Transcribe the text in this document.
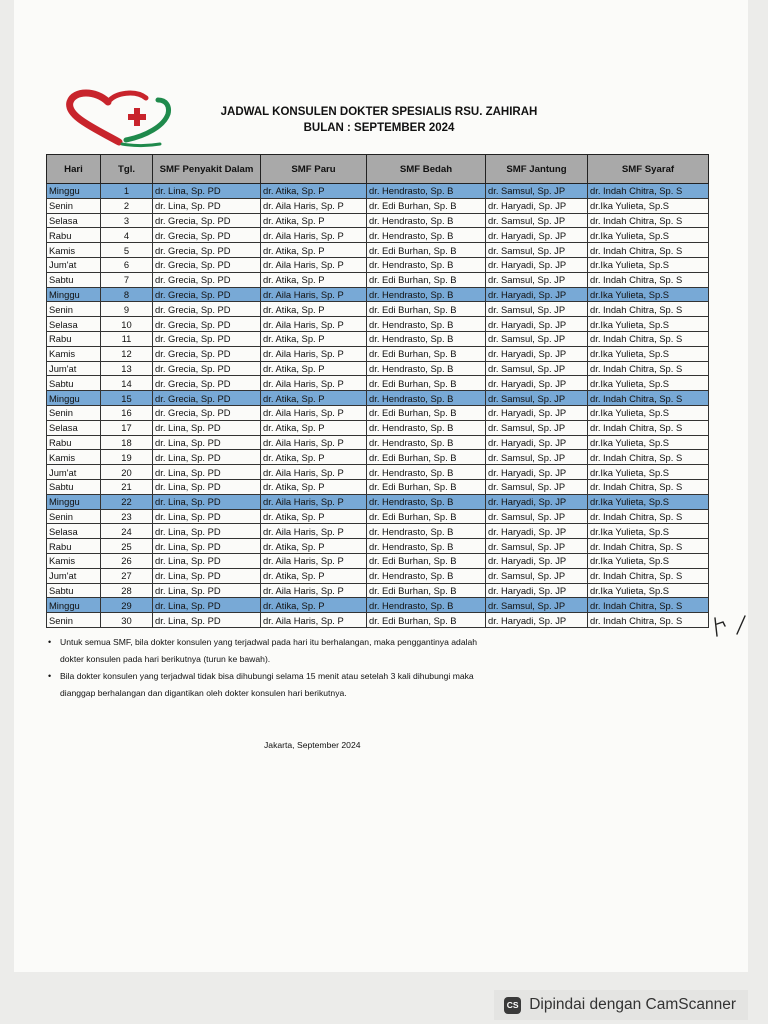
JADWAL KONSULEN DOKTER SPESIALIS RSU. ZAHIRAH
BULAN : SEPTEMBER 2024
Hari	Tgl.	SMF Penyakit Dalam	SMF Paru	SMF Bedah	SMF Jantung	SMF Syaraf
Minggu	1	dr. Lina, Sp. PD	dr. Atika, Sp. P	dr. Hendrasto, Sp. B	dr. Samsul, Sp. JP	dr. Indah Chitra, Sp. S
Senin	2	dr. Lina, Sp. PD	dr. Aila Haris, Sp. P	dr. Edi Burhan, Sp. B	dr. Haryadi, Sp. JP	dr.Ika Yulieta, Sp.S
Selasa	3	dr. Grecia, Sp. PD	dr. Atika, Sp. P	dr. Hendrasto, Sp. B	dr. Samsul, Sp. JP	dr. Indah Chitra, Sp. S
Rabu	4	dr. Grecia, Sp. PD	dr. Aila Haris, Sp. P	dr. Hendrasto, Sp. B	dr. Haryadi, Sp. JP	dr.Ika Yulieta, Sp.S
Kamis	5	dr. Grecia, Sp. PD	dr. Atika, Sp. P	dr. Edi Burhan, Sp. B	dr. Samsul, Sp. JP	dr. Indah Chitra, Sp. S
Jum'at	6	dr. Grecia, Sp. PD	dr. Aila Haris, Sp. P	dr. Hendrasto, Sp. B	dr. Haryadi, Sp. JP	dr.Ika Yulieta, Sp.S
Sabtu	7	dr. Grecia, Sp. PD	dr. Atika, Sp. P	dr. Edi Burhan, Sp. B	dr. Samsul, Sp. JP	dr. Indah Chitra, Sp. S
Minggu	8	dr. Grecia, Sp. PD	dr. Aila Haris, Sp. P	dr. Hendrasto, Sp. B	dr. Haryadi, Sp. JP	dr.Ika Yulieta, Sp.S
Senin	9	dr. Grecia, Sp. PD	dr. Atika, Sp. P	dr. Edi Burhan, Sp. B	dr. Samsul, Sp. JP	dr. Indah Chitra, Sp. S
Selasa	10	dr. Grecia, Sp. PD	dr. Aila Haris, Sp. P	dr. Hendrasto, Sp. B	dr. Haryadi, Sp. JP	dr.Ika Yulieta, Sp.S
Rabu	11	dr. Grecia, Sp. PD	dr. Atika, Sp. P	dr. Hendrasto, Sp. B	dr. Samsul, Sp. JP	dr. Indah Chitra, Sp. S
Kamis	12	dr. Grecia, Sp. PD	dr. Aila Haris, Sp. P	dr. Edi Burhan, Sp. B	dr. Haryadi, Sp. JP	dr.Ika Yulieta, Sp.S
Jum'at	13	dr. Grecia, Sp. PD	dr. Atika, Sp. P	dr. Hendrasto, Sp. B	dr. Samsul, Sp. JP	dr. Indah Chitra, Sp. S
Sabtu	14	dr. Grecia, Sp. PD	dr. Aila Haris, Sp. P	dr. Edi Burhan, Sp. B	dr. Haryadi, Sp. JP	dr.Ika Yulieta, Sp.S
Minggu	15	dr. Grecia, Sp. PD	dr. Atika, Sp. P	dr. Hendrasto, Sp. B	dr. Samsul, Sp. JP	dr. Indah Chitra, Sp. S
Senin	16	dr. Grecia, Sp. PD	dr. Aila Haris, Sp. P	dr. Edi Burhan, Sp. B	dr. Haryadi, Sp. JP	dr.Ika Yulieta, Sp.S
Selasa	17	dr. Lina, Sp. PD	dr. Atika, Sp. P	dr. Hendrasto, Sp. B	dr. Samsul, Sp. JP	dr. Indah Chitra, Sp. S
Rabu	18	dr. Lina, Sp. PD	dr. Aila Haris, Sp. P	dr. Hendrasto, Sp. B	dr. Haryadi, Sp. JP	dr.Ika Yulieta, Sp.S
Kamis	19	dr. Lina, Sp. PD	dr. Atika, Sp. P	dr. Edi Burhan, Sp. B	dr. Samsul, Sp. JP	dr. Indah Chitra, Sp. S
Jum'at	20	dr. Lina, Sp. PD	dr. Aila Haris, Sp. P	dr. Hendrasto, Sp. B	dr. Haryadi, Sp. JP	dr.Ika Yulieta, Sp.S
Sabtu	21	dr. Lina, Sp. PD	dr. Atika, Sp. P	dr. Edi Burhan, Sp. B	dr. Samsul, Sp. JP	dr. Indah Chitra, Sp. S
Minggu	22	dr. Lina, Sp. PD	dr. Aila Haris, Sp. P	dr. Hendrasto, Sp. B	dr. Haryadi, Sp. JP	dr.Ika Yulieta, Sp.S
Senin	23	dr. Lina, Sp. PD	dr. Atika, Sp. P	dr. Edi Burhan, Sp. B	dr. Samsul, Sp. JP	dr. Indah Chitra, Sp. S
Selasa	24	dr. Lina, Sp. PD	dr. Aila Haris, Sp. P	dr. Hendrasto, Sp. B	dr. Haryadi, Sp. JP	dr.Ika Yulieta, Sp.S
Rabu	25	dr. Lina, Sp. PD	dr. Atika, Sp. P	dr. Hendrasto, Sp. B	dr. Samsul, Sp. JP	dr. Indah Chitra, Sp. S
Kamis	26	dr. Lina, Sp. PD	dr. Aila Haris, Sp. P	dr. Edi Burhan, Sp. B	dr. Haryadi, Sp. JP	dr.Ika Yulieta, Sp.S
Jum'at	27	dr. Lina, Sp. PD	dr. Atika, Sp. P	dr. Hendrasto, Sp. B	dr. Samsul, Sp. JP	dr. Indah Chitra, Sp. S
Sabtu	28	dr. Lina, Sp. PD	dr. Aila Haris, Sp. P	dr. Edi Burhan, Sp. B	dr. Haryadi, Sp. JP	dr.Ika Yulieta, Sp.S
Minggu	29	dr. Lina, Sp. PD	dr. Atika, Sp. P	dr. Hendrasto, Sp. B	dr. Samsul, Sp. JP	dr. Indah Chitra, Sp. S
Senin	30	dr. Lina, Sp. PD	dr. Aila Haris, Sp. P	dr. Edi Burhan, Sp. B	dr. Haryadi, Sp. JP	dr. Indah Chitra, Sp. S
• Untuk semua SMF, bila dokter konsulen yang terjadwal pada hari itu berhalangan, maka penggantinya adalah
dokter konsulen pada hari berikutnya (turun ke bawah).
• Bila dokter konsulen yang terjadwal tidak bisa dihubungi selama 15 menit atau setelah 3 kali dihubungi maka
dianggap berhalangan dan digantikan oleh dokter konsulen hari berikutnya.
Jakarta, September 2024
CS Dipindai dengan CamScanner
